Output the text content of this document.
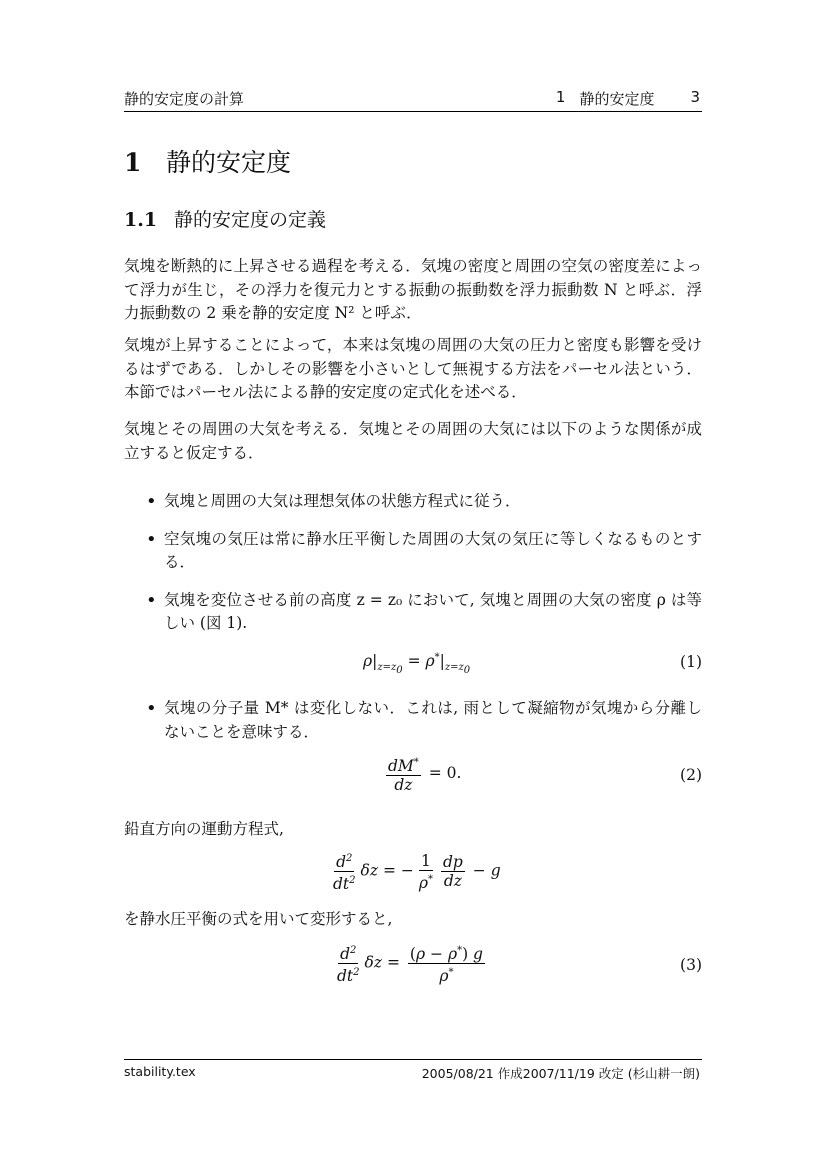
静的安定度の計算	1 静的安定度 3
1 静的安定度
1.1 静的安定度の定義

気塊を断熱的に上昇させる過程を考える．気塊の密度と周囲の空気の密度差によって浮力が生じ，その浮力を復元力とする振動の振動数を浮力振動数 N と呼ぶ．浮力振動数の 2 乗を静的安定度 N² と呼ぶ．

気塊が上昇することによって，本来は気塊の周囲の大気の圧力と密度も影響を受けるはずである．しかしその影響を小さいとして無視する方法をパーセル法という．本節ではパーセル法による静的安定度の定式化を述べる．

気塊とその周囲の大気を考える．気塊とその周囲の大気には以下のような関係が成立すると仮定する．

• 気塊と周囲の大気は理想気体の状態方程式に従う．
• 空気塊の気圧は常に静水圧平衡した周囲の大気の気圧に等しくなるものとする．
• 気塊を変位させる前の高度 z = z₀ において, 気塊と周囲の大気の密度 ρ は等しい (図 1).
$\rho|_{z=z_0} = \rho^*|_{z=z_0}$	(1)
• 気塊の分子量 M* は変化しない．これは, 雨として凝縮物が気塊から分離しないことを意味する．
$\frac{dM^*}{dz} = 0$.	(2)

鉛直方向の運動方程式,

$\frac{d^2}{dt^2}$ δz = − $\frac{1}{\rho^*} \frac{dp}{dz} - g$

を静水圧平衡の式を用いて変形すると,

$\frac{d^2}{dt^2}$ $\delta z = \frac{(\rho - \rho^*) g}{\rho^*}$	(3)
stability.tex	2005/08/21 作成2007/11/19 改定 (杉山耕一朗)
